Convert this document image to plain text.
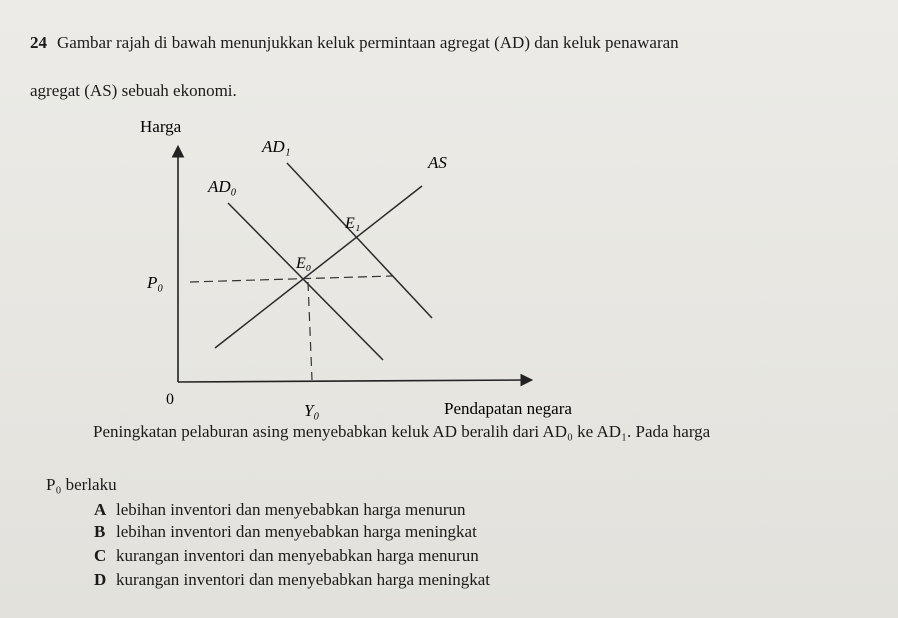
24 Gambar rajah di bawah menunjukkan keluk permintaan agregat (AD) dan keluk penawaran
agregat (AS) sebuah ekonomi.
Harga
Pendapatan negara
0
P₀
Y₀
AD₁
AD₀
AS
E₁
E₀
Peningkatan pelaburan asing menyebabkan keluk AD beralih dari AD₀ ke AD₁. Pada harga
P₀ berlaku
A lebihan inventori dan menyebabkan harga menurun
B lebihan inventori dan menyebabkan harga meningkat
C kurangan inventori dan menyebabkan harga menurun
D kurangan inventori dan menyebabkan harga meningkat
